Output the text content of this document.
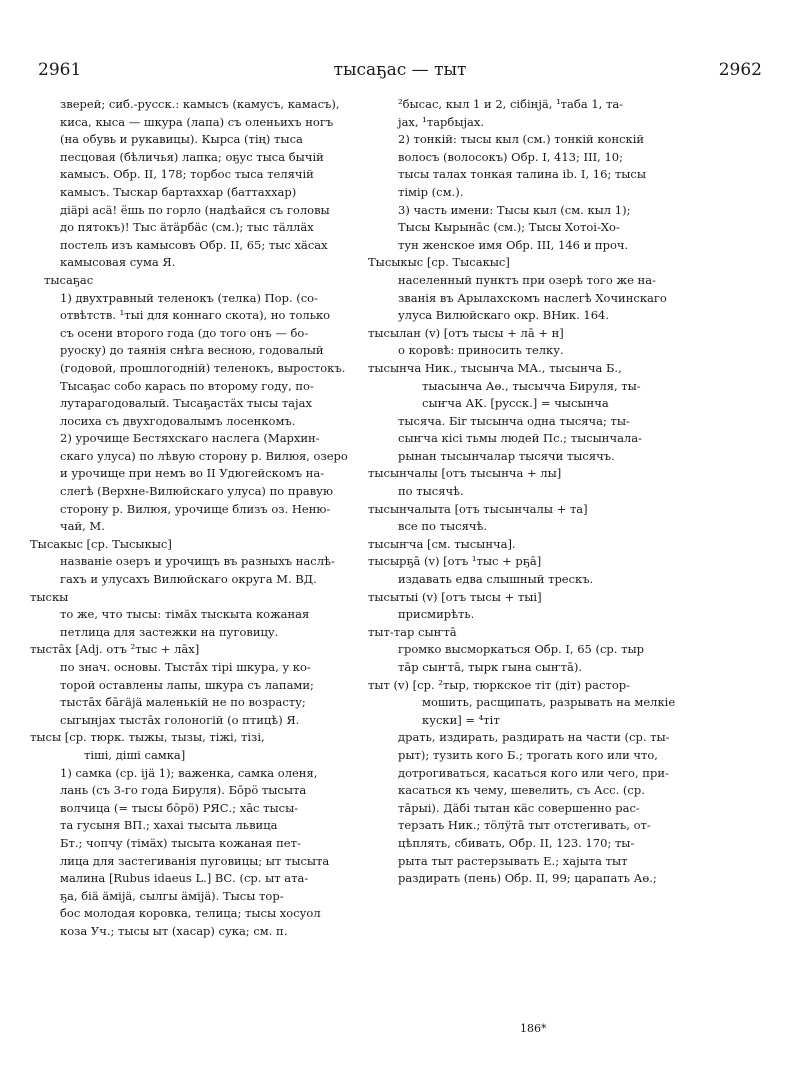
2961	тысаҕас — тыт	2962

зверей; сиб.-русск.: камысъ (камусъ, камасъ),

киса, кыса — шкура (лапа) съ оленьихъ ногъ

(на обувь и рукавицы). Кырса (тің) тыса

песцовая (бѣличья) лапка; оҕус тыса бычій

камысъ. Обр. II, 178; торбос тыса телячій

камысъ. Тыскар бартаххар (баттаххар)

діäрі асä! ёшь по горло (надѣайся съ головы

до пятокъ)! Тыс äтäрбäс (см.); тыс тäллäх

постель изъ камысовъ Обр. II, 65; тыс хäсах

камысовая сума Я.

тысаҕас

1) двухтравный теленокъ (телка) Пор. (со-

отвѣтств. ¹тыі для коннаго скота), но только

съ осени второго года (до того онъ — бо-

руоску) до таянія снѣга весною, годовалый

(годовой, прошлогодній) теленокъ, выростокъ.

Тысаҕас собо карась по второму году, по-

лутарагодовалый. Тысаҕастäх тысы таjах

лосиха съ двухгодовалымъ лосенкомъ.

2) урочище Бестяхскаго наслега (Мархин-

скаго улуса) по лѣвую сторону р. Вилюя, озеро

и урочище при немъ во II Удюгейскомъ на-

слегѣ (Верхне-Вилюйскаго улуса) по правую

сторону р. Вилюя, урочище близъ оз. Неню-

чай, М.

Тысакыс [ср. Тысыкыс]

названіе озеръ и урочищъ въ разныхъ наслѣ-

гахъ и улусахъ Вилюйскаго округа М. ВД.

тыскы

то же, что тысы: тімäх тыскыта кожаная

петлица для застежки на пуговицу.

тыстāх [Adj. отъ ²тыс + лāх]

по знач. основы. Тыстāх тірі шкура, у ко-

торой оставлены лапы, шкура съ лапами;

тыстāх бāгäjä маленькій не по возрасту;

сыгынjах тыстāх голоногій (о птицѣ) Я.

тысы [ср. тюрк. тыжы, тызы, тіжі, тізі,

тіші, діші самка]

1) самка (ср. іjä 1); важенка, самка оленя,

лань (съ 3-го года Бируля). Бōрӧ тысыта

волчица (= тысы бōрӧ) РЯС.; хāс тысы-

та гусыня ВП.; хахаі тысыта львица

Бт.; чопчу (тімäх) тысыта кожаная пет-

лица для застегиванія пуговицы; ыт тысыта

малина [Rubus idaeus L.] ВС. (ср. ыт ата-

ҕа, біä äмijä, сылгы äмijä). Тысы тор-

бос молодая коровка, телица; тысы хосуол

коза Уч.; тысы ыт (хасар) сука; см. п.

²бысас, кыл 1 и 2, сібінjä, ¹таба 1, та-

jах, ¹тарбыjах.

2) тонкій: тысы кыл (см.) тонкій конскій

волосъ (волосокъ) Обр. I, 413; III, 10;

тысы талах тонкая талина ib. I, 16; тысы

тімір (см.).

3) часть имени: Тысы кыл (см. кыл 1);

Тысы Кырынāс (см.); Тысы Хотоі-Хо-

тун женское имя Обр. III, 146 и проч.

Тысыкыс [ср. Тысакыс]

населенный пунктъ при озерѣ того же на-

званія въ Арылахскомъ наслегѣ Хочинскаго

улуса Вилюйскаго окр. ВНик. 164.

тысылан (v) [отъ тысы + лā + н]

о коровѣ: приносить телку.

тысынча Ник., тысынча МА., тысынча Б.,

тыасынча Аө., тысычча Бируля, ты-

сыҥча АК. [русск.] = чысынча

тысяча. Біr тысынча одна тысяча; ты-

сыҥча кісі тьмы людей Пс.; тысынчала-

рынан тысынчалар тысячи тысячъ.

тысынчалы [отъ тысынча + лы]

по тысячѣ.

тысынчалыта [отъ тысынчалы + та]

все по тысячѣ.

тысыҥча [см. тысынча].

тысырҕā (v) [отъ ¹тыс + рҕā]

издавать едва слышный трескъ.

тысытыі (v) [отъ тысы + тыі]

присмирѣть.

тыт-тар сыҥтā

громко высморкаться Обр. I, 65 (ср. тыр

тāр сыҥтā, тырк гына сыҥтā).

тыт (v) [ср. ²тыр, тюркское тіт (діт) растор-

мошить, расщипать, разрывать на мелкіе

куски] = ⁴тіт

драть, издирать, раздирать на части (ср. ты-

рыт); тузить кого Б.; трогать кого или что,

дотрогиваться, касаться кого или чего, при-

касаться къ чему, шевелить, съ Асс. (ср.

тāрыі). Дäбі тытан кäс совершенно рас-

терзать Ник.; тӧлӱтā тыт отстегивать, от-

цѣплять, сбивать, Обр. II, 123. 170; ты-

рыта тыт растерзывать Е.; хаjыта тыт

раздирать (пень) Обр. II, 99; царапать Аө.;

186*
